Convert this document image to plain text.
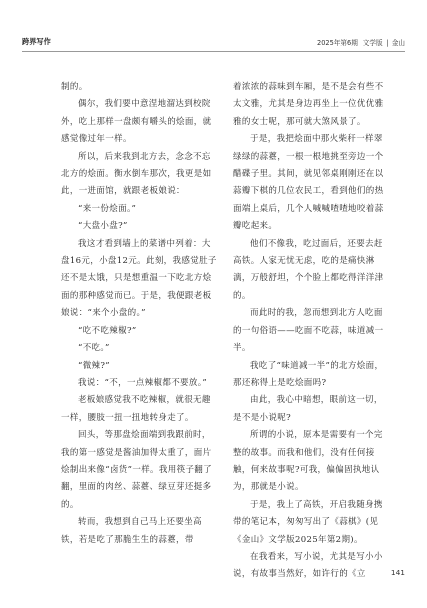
跨界写作	2025年第6期 文学版 | 金山

制的。

偶尔，我们要中意涅地溜达到校院外，吃上那样一盘颇有嚼头的烩面，就感觉像过年一样。

所以，后来我到北方去，念念不忘北方的烩面。衡水倒车那次，我更是如此，一进面馆，就跟老板娘说：

“来一份烩面。”

“大盘小盘?”

我这才看到墙上的菜谱中列着：大盘16元，小盘12元。此刻，我感觉肚子还不是太饿，只是想重温一下吃北方烩面的那种感觉而已。于是，我便跟老板娘说：“来个小盘的。”

“吃不吃辣椒?”

“不吃。”

“微辣?”

我说：“不，一点辣椒都不要放。”

老板娘感觉我不吃辣椒，就很无趣一样，腰肢一扭一扭地转身走了。

回头，等那盘烩面端到我跟前时，我的第一感觉是酱油加得太重了，面片烩制出来像“卤货”一样。我用筷子翻了翻，里面的肉丝、蒜薹、绿豆芽还挺多的。

转而，我想到自己马上还要坐高铁，若是吃了那脆生生的蒜薹，带

着浓浓的蒜味到车厢，是不是会有些不太文雅，尤其是身边再坐上一位优优雅雅的女士呢，那可就大煞风景了。

于是，我把烩面中那火柴秆一样翠绿绿的蒜薹，一根一根地挑至旁边一个醋碟子里。其间，就见邻桌刚刚还在以蒜瓣下棋的几位农民工，看到他们的热面端上桌后，几个人喊喊喳喳地咬着蒜瓣吃起来。

他们不像我，吃过面后，还要去赶高铁。人家无忧无虑，吃的是痛快淋漓，万般舒坦，个个脸上都吃得洋洋津的。

而此时的我，忽而想到北方人吃面的一句俗语——吃面不吃蒜，味道减一半。

我吃了“味道减一半”的北方烩面，那还称得上是吃烩面吗?

由此，我心中暗想，眼前这一切，是不是小说呢?

所谓的小说，原本是需要有一个完整的故事。而我和他们，没有任何接触，何来故事呢?可我，偏偏固执地认为，那就是小说。

于是，我上了高铁，开启我随身携带的笔记本，匆匆写出了《蒜棋》(见《金山》文学版2025年第2期)。

在我看来，写小说，尤其是写小小说，有故事当然好，如许行的《立	141
